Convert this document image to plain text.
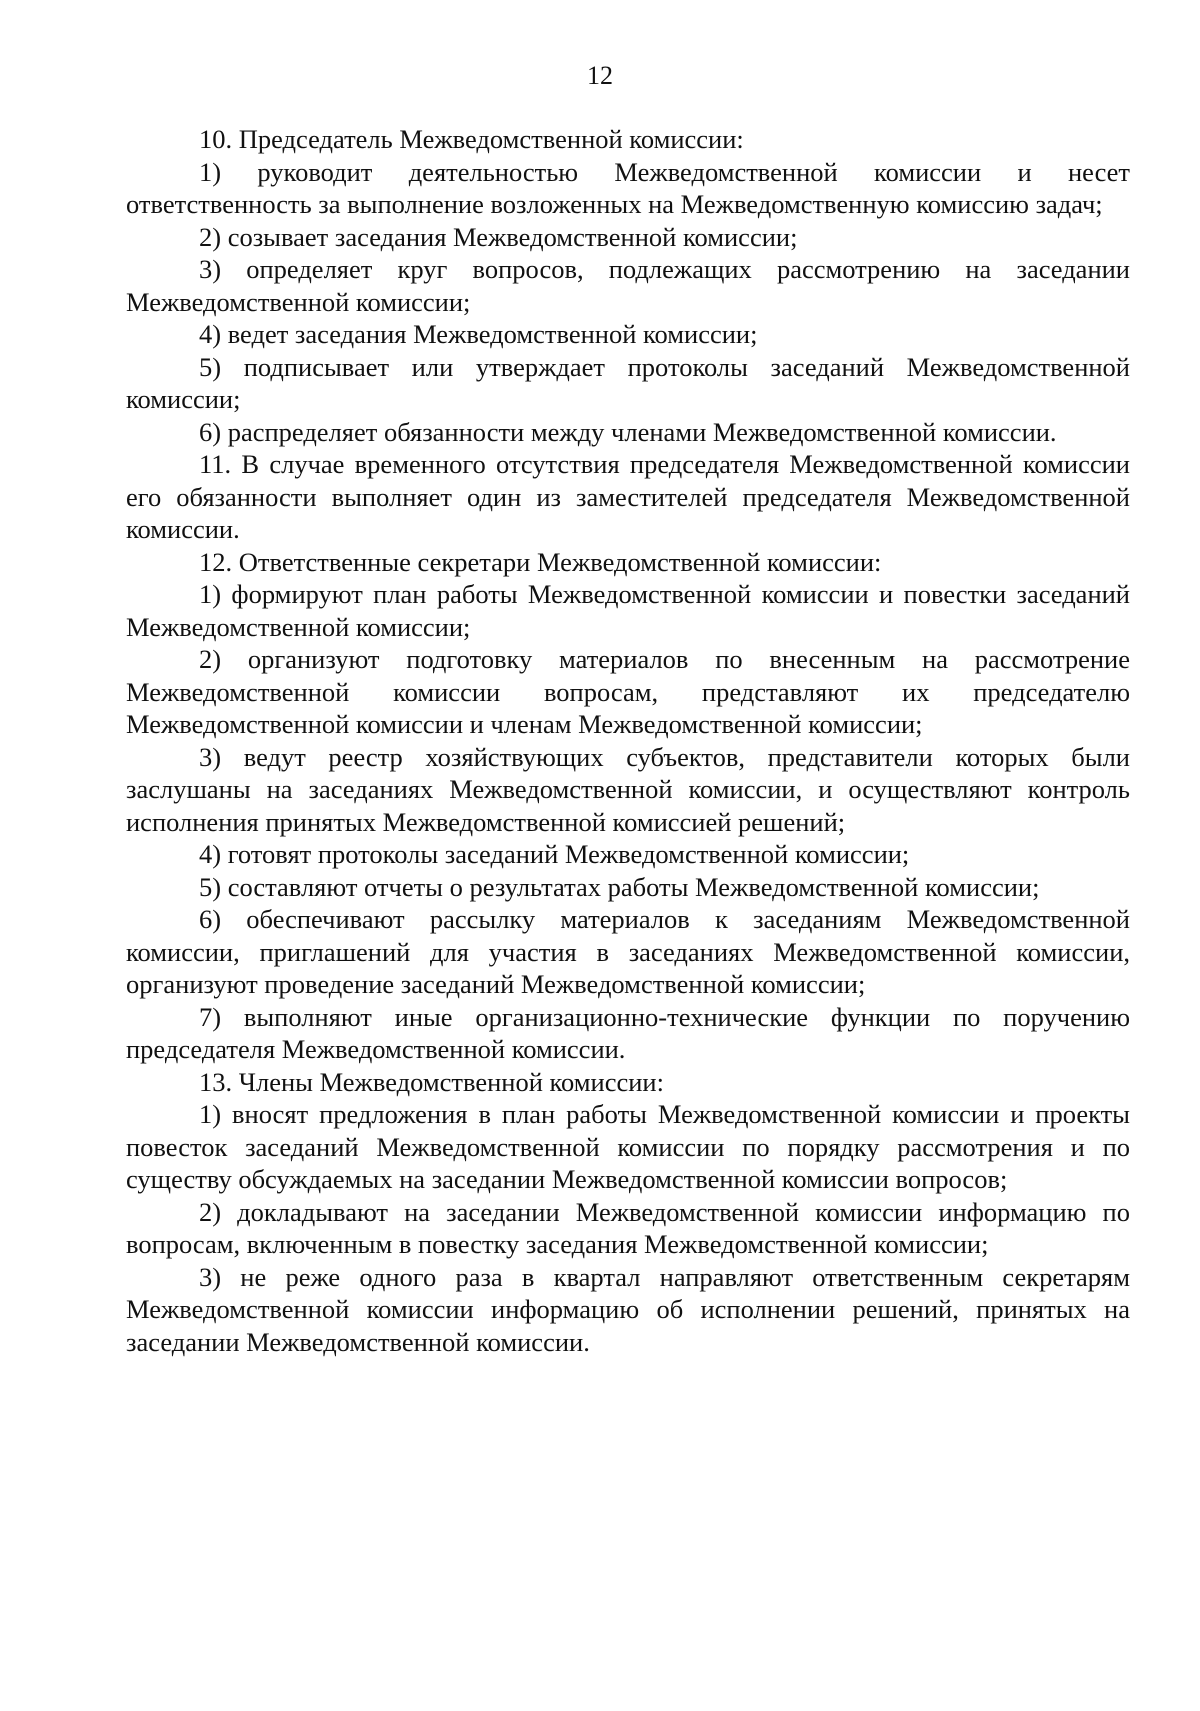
12

10. Председатель Межведомственной комиссии:

1) руководит деятельностью Межведомственной комиссии и несет ответственность за выполнение возложенных на Межведомственную комиссию задач;

2) созывает заседания Межведомственной комиссии;

3) определяет круг вопросов, подлежащих рассмотрению на заседании Межведомственной комиссии;

4) ведет заседания Межведомственной комиссии;

5) подписывает или утверждает протоколы заседаний Межведомственной комиссии;

6) распределяет обязанности между членами Межведомственной комиссии.

11. В случае временного отсутствия председателя Межведомственной комиссии его обязанности выполняет один из заместителей председателя Межведомственной комиссии.

12. Ответственные секретари Межведомственной комиссии:

1) формируют план работы Межведомственной комиссии и повестки заседаний Межведомственной комиссии;

2) организуют подготовку материалов по внесенным на рассмотрение Межведомственной комиссии вопросам, представляют их председателю Межведомственной комиссии и членам Межведомственной комиссии;

3) ведут реестр хозяйствующих субъектов, представители которых были заслушаны на заседаниях Межведомственной комиссии, и осуществляют контроль исполнения принятых Межведомственной комиссией решений;

4) готовят протоколы заседаний Межведомственной комиссии;

5) составляют отчеты о результатах работы Межведомственной комиссии;

6) обеспечивают рассылку материалов к заседаниям Межведомственной комиссии, приглашений для участия в заседаниях Межведомственной комиссии, организуют проведение заседаний Межведомственной комиссии;

7) выполняют иные организационно-технические функции по поручению председателя Межведомственной комиссии.

13. Члены Межведомственной комиссии:

1) вносят предложения в план работы Межведомственной комиссии и проекты повесток заседаний Межведомственной комиссии по порядку рассмотрения и по существу обсуждаемых на заседании Межведомственной комиссии вопросов;

2) докладывают на заседании Межведомственной комиссии информацию по вопросам, включенным в повестку заседания Межведомственной комиссии;

3) не реже одного раза в квартал направляют ответственным секретарям Межведомственной комиссии информацию об исполнении решений, принятых на заседании Межведомственной комиссии.
